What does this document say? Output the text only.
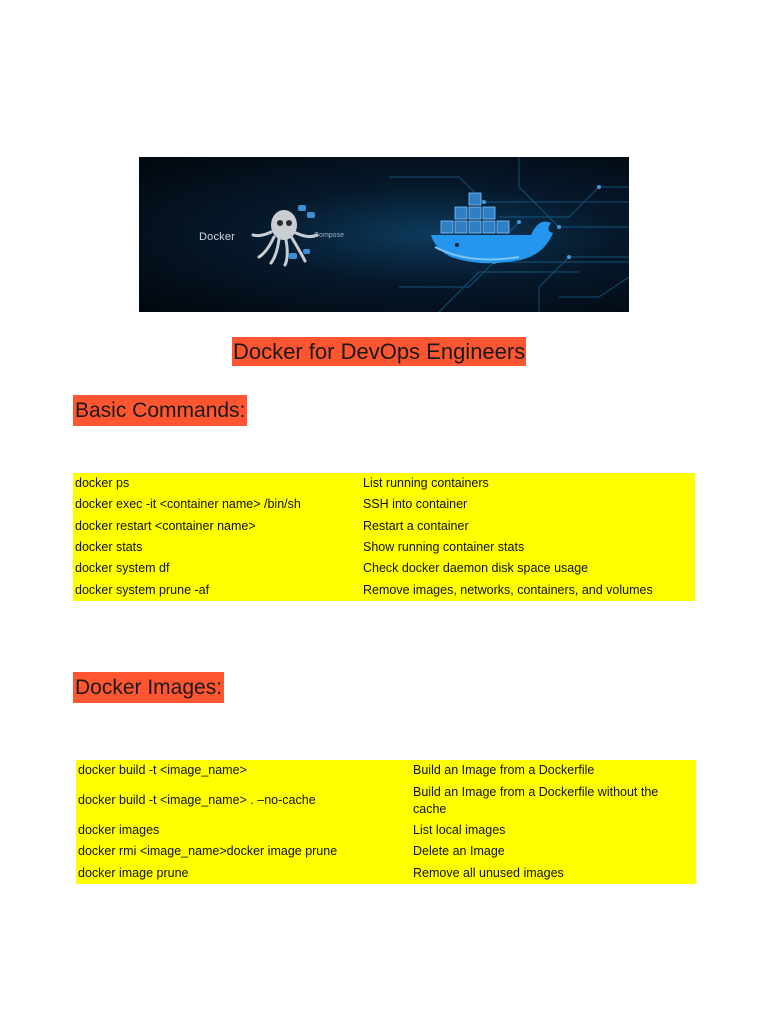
Docker	Compose
Docker for DevOps Engineers
Basic Commands:
docker ps	List running containers
docker exec -it <container name> /bin/sh	SSH into container
docker restart <container name>	Restart a container
docker stats	Show running container stats
docker system df	Check docker daemon disk space usage
docker system prune -af	Remove images, networks, containers, and volumes
Docker Images:
docker build -t <image_name>	Build an Image from a Dockerfile
docker build -t <image_name> . –no-cache	Build an Image from a Dockerfile without the cache
docker images	List local images
docker rmi <image_name>docker image prune	Delete an Image
docker image prune	Remove all unused images
